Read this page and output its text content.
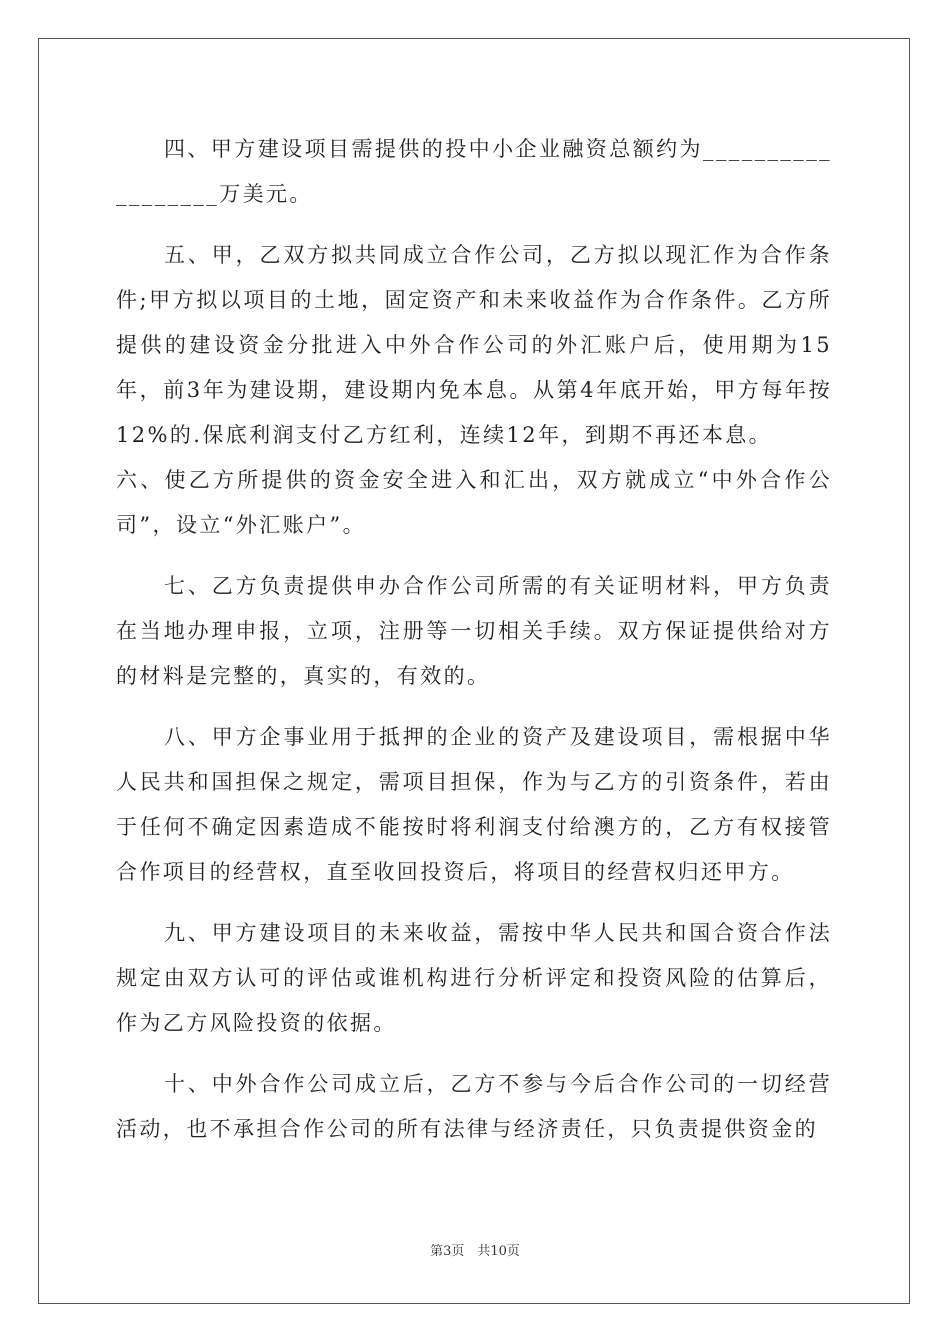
四、甲方建设项目需提供的投中小企业融资总额约为__________________万美元。

五、甲，乙双方拟共同成立合作公司，乙方拟以现汇作为合作条件;甲方拟以项目的土地，固定资产和未来收益作为合作条件。乙方所提供的建设资金分批进入中外合作公司的外汇账户后，使用期为15年，前3年为建设期，建设期内免本息。从第4年底开始，甲方每年按12%的.保底利润支付乙方红利，连续12年，到期不再还本息。

六、使乙方所提供的资金安全进入和汇出，双方就成立“中外合作公司”，设立“外汇账户”。

七、乙方负责提供申办合作公司所需的有关证明材料，甲方负责在当地办理申报，立项，注册等一切相关手续。双方保证提供给对方的材料是完整的，真实的，有效的。

八、甲方企事业用于抵押的企业的资产及建设项目，需根据中华人民共和国担保之规定，需项目担保，作为与乙方的引资条件，若由于任何不确定因素造成不能按时将利润支付给澳方的，乙方有权接管合作项目的经营权，直至收回投资后，将项目的经营权归还甲方。

九、甲方建设项目的未来收益，需按中华人民共和国合资合作法规定由双方认可的评估或谁机构进行分析评定和投资风险的估算后，作为乙方风险投资的依据。

十、中外合作公司成立后，乙方不参与今后合作公司的一切经营活动，也不承担合作公司的所有法律与经济责任，只负责提供资金的

第3页　共10页
